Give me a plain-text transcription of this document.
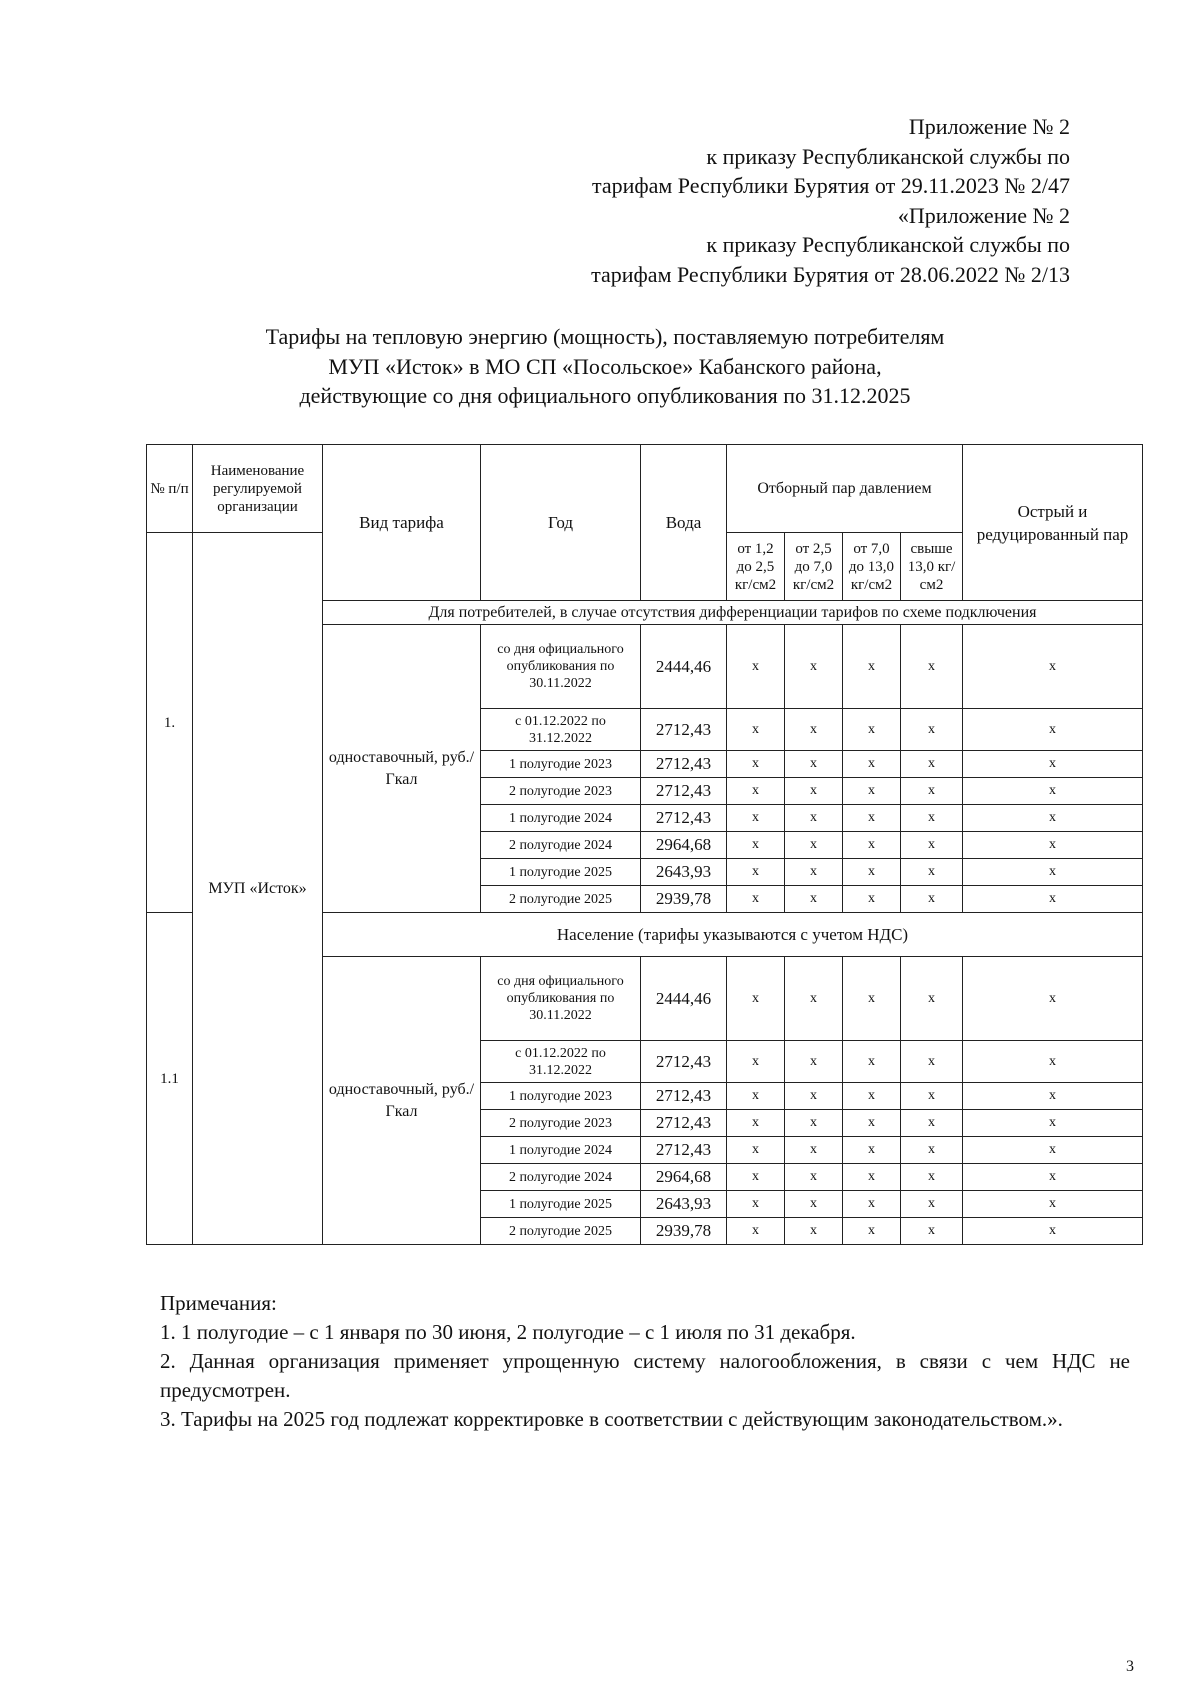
Приложение № 2
к приказу Республиканской службы по
тарифам Республики Бурятия от 29.11.2023 № 2/47
«Приложение № 2
к приказу Республиканской службы по
тарифам Республики Бурятия от 28.06.2022 № 2/13
Тарифы на тепловую энергию (мощность), поставляемую потребителям
МУП «Исток» в МО СП «Посольское» Кабанского района,
действующие со дня официального опубликования по 31.12.2025
№ п/п	Наименование регулируемой организации	Вид тарифа	Год	Вода	Отборный пар давлением				Острый и редуцированный пар
1.	МУП «Исток»				от 1,2 до 2,5 кг/см2	от 2,5 до 7,0 кг/см2	от 7,0 до 13,0 кг/см2	свыше 13,0 кг/см2	
		Для потребителей, в случае отсутствия дифференциации тарифов по схеме подключения							
		одноставочный, руб./Гкал	со дня официального опубликования по 30.11.2022	2444,46	х	х	х	х	х
			с 01.12.2022 по 31.12.2022	2712,43	х	х	х	х	х
			1 полугодие 2023	2712,43	х	х	х	х	х
			2 полугодие 2023	2712,43	х	х	х	х	х
			1 полугодие 2024	2712,43	х	х	х	х	х
			2 полугодие 2024	2964,68	х	х	х	х	х
			1 полугодие 2025	2643,93	х	х	х	х	х
			2 полугодие 2025	2939,78	х	х	х	х	х
1.1		Население (тарифы указываются с учетом НДС)							
		одноставочный, руб./Гкал	со дня официального опубликования по 30.11.2022	2444,46	х	х	х	х	х
			с 01.12.2022 по 31.12.2022	2712,43	х	х	х	х	х
			1 полугодие 2023	2712,43	х	х	х	х	х
			2 полугодие 2023	2712,43	х	х	х	х	х
			1 полугодие 2024	2712,43	х	х	х	х	х
			2 полугодие 2024	2964,68	х	х	х	х	х
			1 полугодие 2025	2643,93	х	х	х	х	х
			2 полугодие 2025	2939,78	х	х	х	х	х

Примечания:

1. 1 полугодие – с 1 января по 30 июня, 2 полугодие – с 1 июля по 31 декабря.

2. Данная организация применяет упрощенную систему налогообложения, в связи с чем НДС не предусмотрен.

3. Тарифы на 2025 год подлежат корректировке в соответствии с действующим законодательством.».

3
